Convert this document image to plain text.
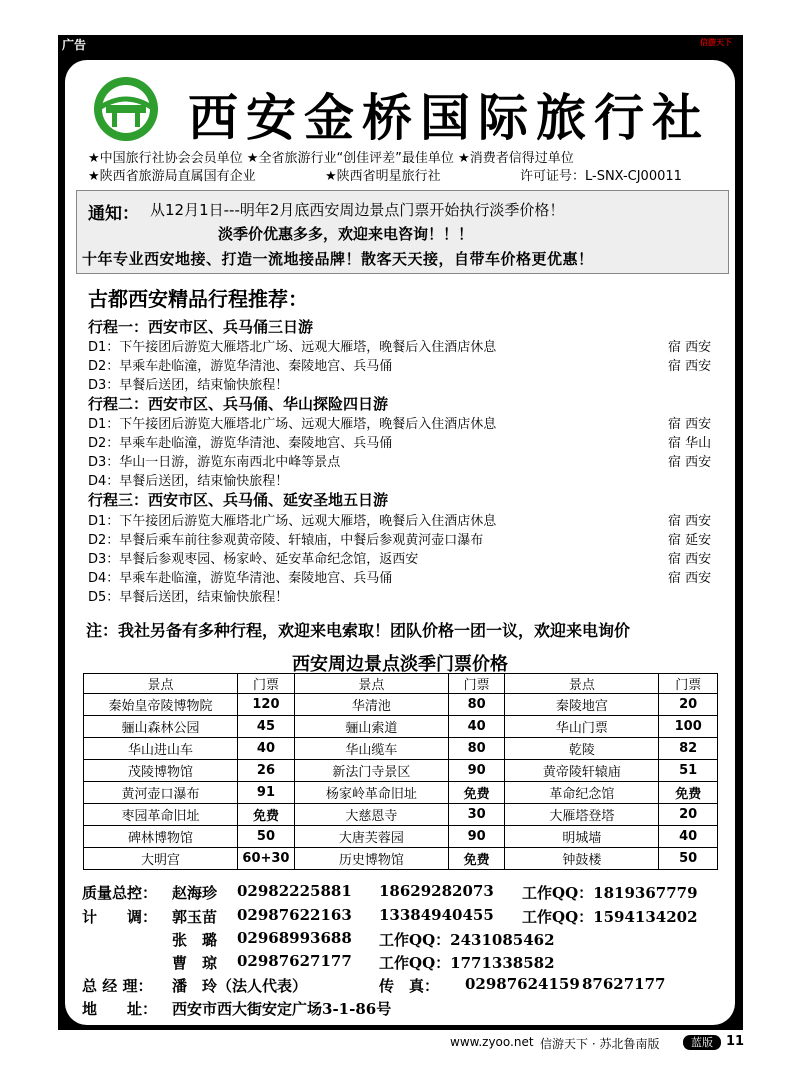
广告	联系时敬请说明，您的信息来自《信游天下》	信游天下
西安金桥国际旅行社
★中国旅行社协会会员单位 ★全省旅游行业“创佳评差”最佳单位 ★消费者信得过单位
★陕西省旅游局直属国有企业	★陕西省明星旅行社	许可证号：L-SNX-CJ00011
通知： 从12月1日---明年2月底西安周边景点门票开始执行淡季价格！
淡季价优惠多多，欢迎来电咨询！！！
十年专业西安地接、打造一流地接品牌！散客天天接，自带车价格更优惠！
古都西安精品行程推荐：
行程一：西安市区、兵马俑三日游
D1：下午接团后游览大雁塔北广场、远观大雁塔，晚餐后入住酒店休息	宿 西安
D2：早乘车赴临潼，游览华清池、秦陵地宫、兵马俑	宿 西安
D3：早餐后送团，结束愉快旅程！
行程二：西安市区、兵马俑、华山探险四日游
D1：下午接团后游览大雁塔北广场、远观大雁塔，晚餐后入住酒店休息	宿 西安
D2：早乘车赴临潼，游览华清池、秦陵地宫、兵马俑	宿 华山
D3：华山一日游，游览东南西北中峰等景点	宿 西安
D4：早餐后送团，结束愉快旅程！
行程三：西安市区、兵马俑、延安圣地五日游
D1：下午接团后游览大雁塔北广场、远观大雁塔，晚餐后入住酒店休息	宿 西安
D2：早餐后乘车前往参观黄帝陵、轩辕庙，中餐后参观黄河壶口瀑布	宿 延安
D3：早餐后参观枣园、杨家岭、延安革命纪念馆，返西安	宿 西安
D4：早乘车赴临潼，游览华清池、秦陵地宫、兵马俑	宿 西安
D5：早餐后送团，结束愉快旅程！
注：我社另备有多种行程，欢迎来电索取！团队价格一团一议，欢迎来电询价
西安周边景点淡季门票价格
景点	门票	景点	门票	景点	门票
秦始皇帝陵博物院	120	华清池	80	秦陵地宫	20
骊山森林公园	45	骊山索道	40	华山门票	100
华山进山车	40	华山缆车	80	乾陵	82
茂陵博物馆	26	新法门寺景区	90	黄帝陵轩辕庙	51
黄河壶口瀑布	91	杨家岭革命旧址	免费	革命纪念馆	免费
枣园革命旧址	免费	大慈恩寺	30	大雁塔登塔	20
碑林博物馆	50	大唐芙蓉园	90	明城墙	40
大明宫	60+30	历史博物馆	免费	钟鼓楼	50
质量总控： 赵海珍 02982225881 18629282073 工作QQ：1819367779
计　　调： 郭玉苗 02987622163 13384940455 工作QQ：1594134202
张　璐 02968993688 工作QQ：2431085462
曹　琼 02987627177 工作QQ：1771338582
总 经 理： 潘　玲（法人代表）	传　真： 02987624159 87627177
地　　址： 西安市西大街安定广场3-1-86号
www.zyoo.net 信游天下 · 苏北鲁南版	蓝版	11
